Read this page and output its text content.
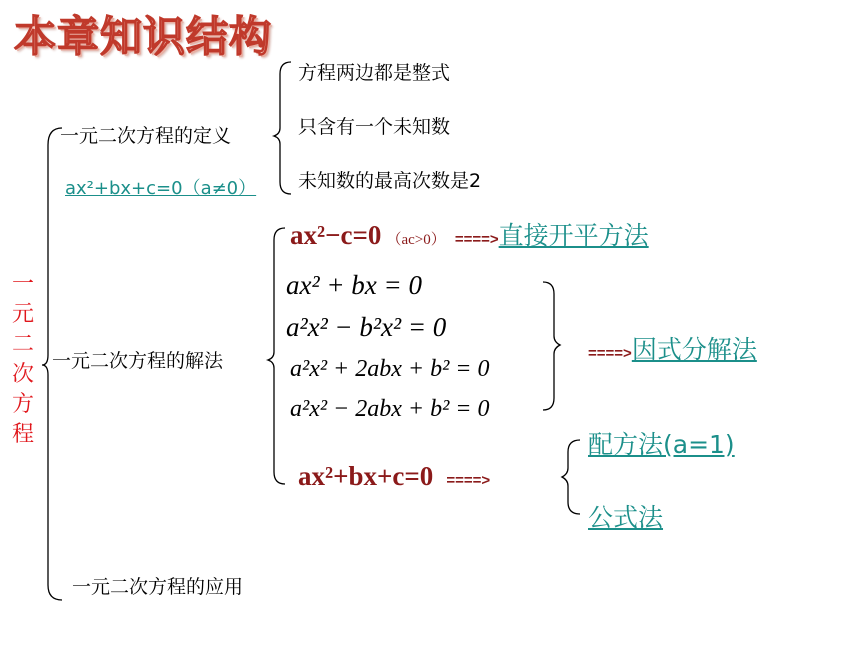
本章知识结构
一
元
二
次
方
程
一元二次方程的定义
ax²+bx+c=0（a≠0）
方程两边都是整式
只含有一个未知数
未知数的最高次数是2
一元二次方程的解法
ax²−c=0 （ac>0） ====>直接开平方法
ax² + bx = 0
a²x² − b²x² = 0
a²x² + 2abx + b² = 0
a²x² − 2abx + b² = 0
====>因式分解法
ax²+bx+c=0 ====>
配方法(a=1)
公式法
一元二次方程的应用
